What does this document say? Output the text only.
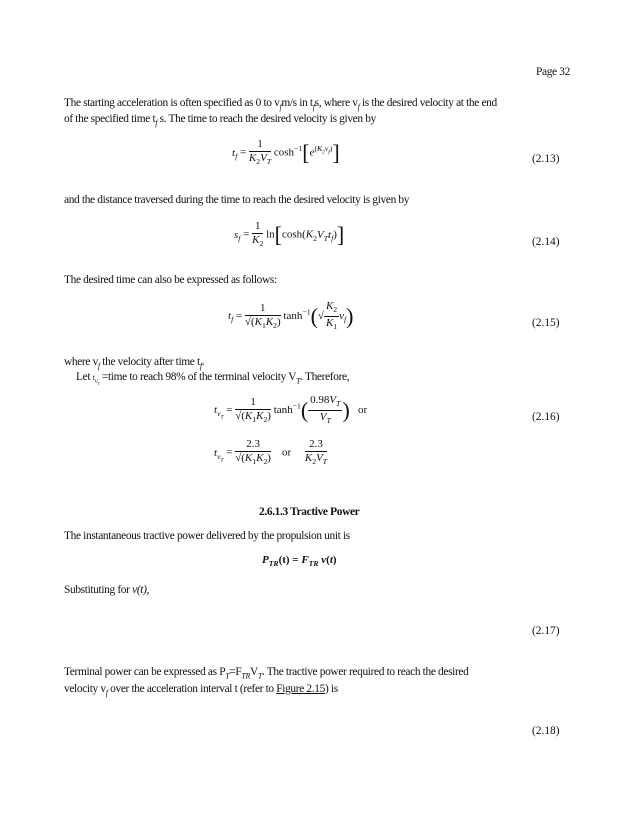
Page 32
The starting acceleration is often specified as 0 to $v_fm/s$ in $t_fs$, where $v_f$ is the desired velocity at the end
of the specified time $t_f$ s. The time to reach the desired velocity is given by
$t_f = \frac{1}{K_2V_T} \cosh^{-1}[e^{(K_2v_f)}]$	(2.13)
and the distance traversed during the time to reach the desired velocity is given by
$s_f = \frac{1}{K_2} \ln[\cosh(K_2V_Tt_f)]$	(2.14)
The desired time can also be expressed as follows:
$t_f = \frac{1}{√(K_1K_2)} \tanh^{-1}(√ \frac{K_2}{K_1} v_f)$	(2.15)
where $v_f$ the velocity after time $t_f$.
Let $t_{V_T}$ =time to reach 98% of the terminal velocity $V_T$. Therefore,
$t_{v_T} = \frac{1}{√(K_1K_2)} \tanh^{-1}( \frac{0.98V_T}{V_T}$ ) or
$t_{v_T} = \frac{2.3}{√(K_1K_2)}$ or $\frac{2.3}{K_2V_T}$
(2.16)
2.6.1.3 Tractive Power
The instantaneous tractive power delivered by the propulsion unit is
$P_{TR}(t) = F_{TR}$ v(t)
Substituting for v(t),
(2.17)
Terminal power can be expressed as $P_T=F_{TR}V_T$. The tractive power required to reach the desired
velocity $v_f$ over the acceleration interval t (refer to Figure 2.15) is
(2.18)
